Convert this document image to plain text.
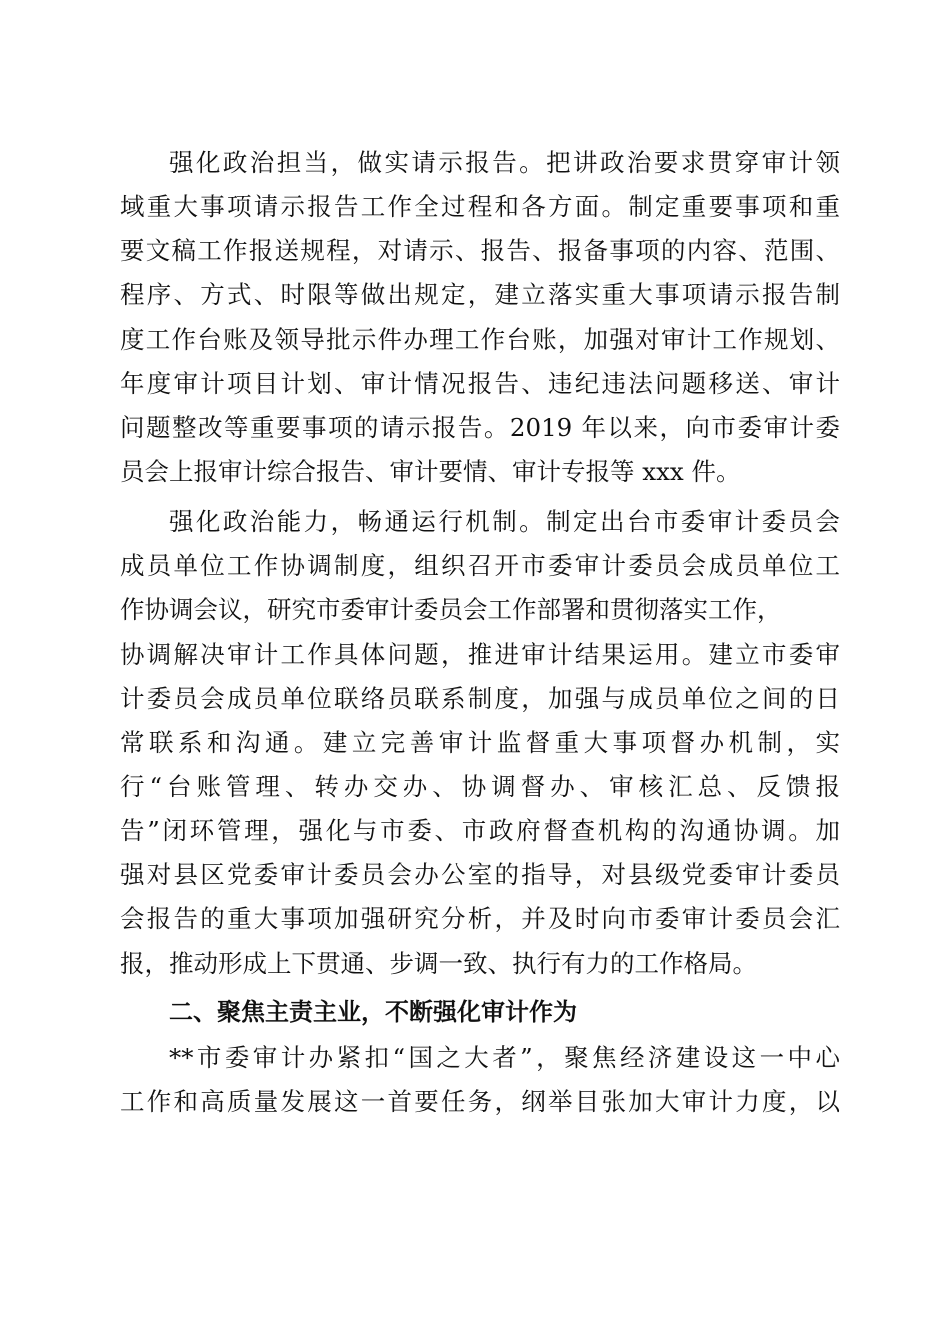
强化政治担当，做实请示报告。把讲政治要求贯穿审计领
域重大事项请示报告工作全过程和各方面。制定重要事项和重
要文稿工作报送规程，对请示、报告、报备事项的内容、范围、
程序、方式、时限等做出规定，建立落实重大事项请示报告制
度工作台账及领导批示件办理工作台账，加强对审计工作规划、
年度审计项目计划、审计情况报告、违纪违法问题移送、审计
问题整改等重要事项的请示报告。2019 年以来，向市委审计委
员会上报审计综合报告、审计要情、审计专报等 xxx 件。
强化政治能力，畅通运行机制。制定出台市委审计委员会
成员单位工作协调制度，组织召开市委审计委员会成员单位工
作协调会议，研究市委审计委员会工作部署和贯彻落实工作，
协调解决审计工作具体问题，推进审计结果运用。建立市委审
计委员会成员单位联络员联系制度，加强与成员单位之间的日
常联系和沟通。建立完善审计监督重大事项督办机制，实
行“台账管理、转办交办、协调督办、审核汇总、反馈报
告”闭环管理，强化与市委、市政府督查机构的沟通协调。加
强对县区党委审计委员会办公室的指导，对县级党委审计委员
会报告的重大事项加强研究分析，并及时向市委审计委员会汇
报，推动形成上下贯通、步调一致、执行有力的工作格局。
二、聚焦主责主业，不断强化审计作为
**市委审计办紧扣“国之大者”，聚焦经济建设这一中心
工作和高质量发展这一首要任务，纲举目张加大审计力度，以
